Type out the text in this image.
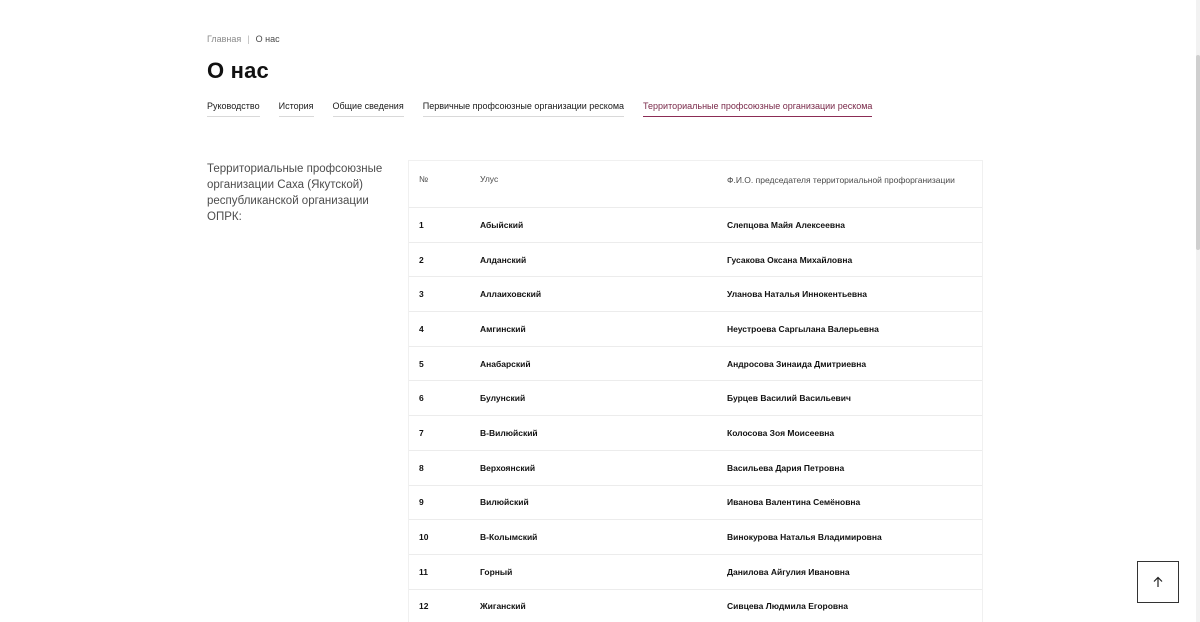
Главная | О нас
О нас
Руководство История Общие сведения Первичные профсоюзные организации рескома Территориальные профсоюзные организации рескома

Территориальные профсоюзные организации Саха (Якутской) республиканской организации ОПРК:

№	Улус	Ф.И.О. председателя территориальной профорганизации
1	Абыйский	Слепцова Майя Алексеевна
2	Алданский	Гусакова Оксана Михайловна
3	Аллаиховский	Уланова Наталья Иннокентьевна
4	Амгинский	Неустроева Саргылана Валерьевна
5	Анабарский	Андросова Зинаида Дмитриевна
6	Булунский	Бурцев Василий Васильевич
7	В-Вилюйский	Колосова Зоя Моисеевна
8	Верхоянский	Васильева Дария Петровна
9	Вилюйский	Иванова Валентина Семёновна
10	В-Колымский	Винокурова Наталья Владимировна
11	Горный	Данилова Айгулия Ивановна
12	Жиганский	Сивцева Людмила Егоровна
